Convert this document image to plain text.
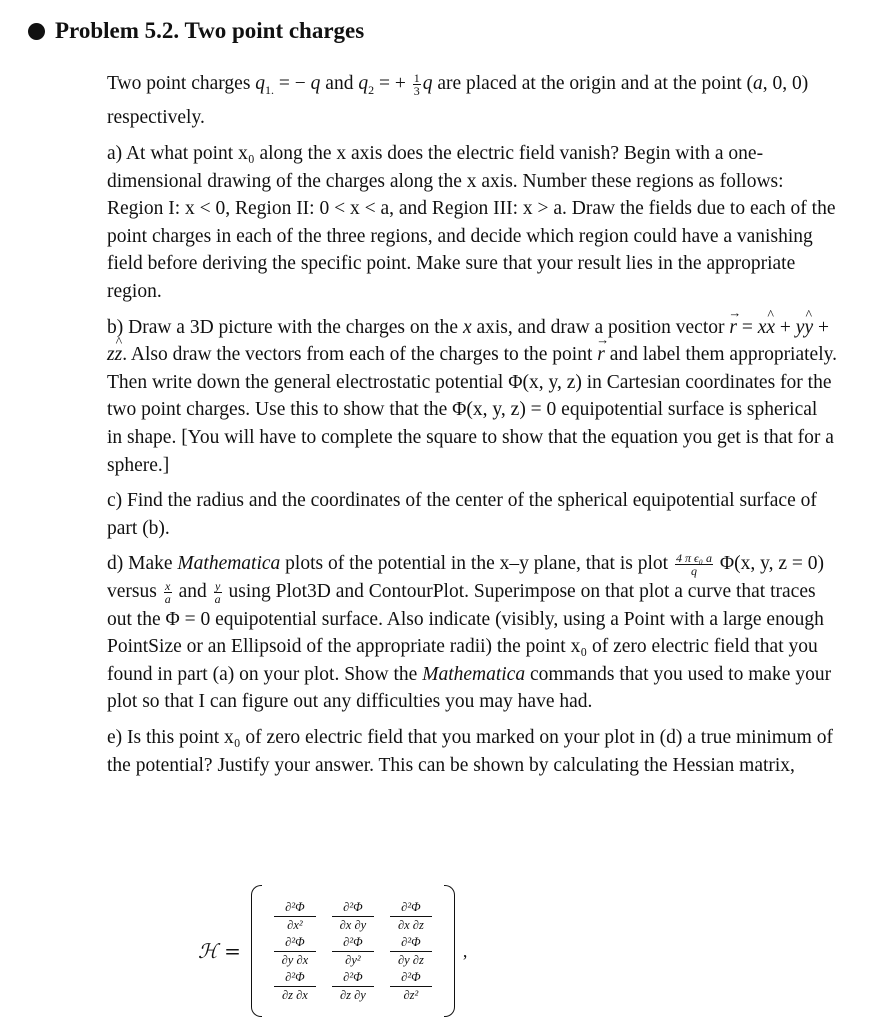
Problem 5.2. Two point charges

Two point charges $q_{1.}$ = − q and $q_2$ = + $\frac{1}{3}$ q are placed at the origin and at the point (a, 0, 0) respectively.

a) At what point x₀ along the x axis does the electric field vanish? Begin with a one-dimensional drawing of the charges along the x axis. Number these regions as follows: Region I: x < 0, Region II: 0 < x < a, and Region III: x > a. Draw the fields due to each of the point charges in each of the three regions, and decide which region could have a vanishing field before deriving the specific point. Make sure that your result lies in the appropriate region.

b) Draw a 3D picture with the charges on the x axis, and draw a position vector r → = xx ^ + yy ^ + zz ^. Also draw the vectors from each of the charges to the point r → and label them appropriately. Then write down the general electrostatic potential Φ(x, y, z) in Cartesian coordinates for the two point charges. Use this to show that the Φ(x, y, z) = 0 equipotential surface is spherical in shape. [You will have to complete the square to show that the equation you get is that for a sphere.]

c) Find the radius and the coordinates of the center of the spherical equipotential surface of part (b).

d) Make Mathematica plots of the potential in the x–y plane, that is plot $\frac{\text{4 π ϵ₀ a}}{q} \Phi(x$, y, z = 0) versus $\frac{x}{a}$ and $\frac{y}{a}$ using Plot3D and ContourPlot. Superimpose on that plot a curve that traces out the Φ = 0 equipotential surface. Also indicate (visibly, using a Point with a large enough PointSize or an Ellipsoid of the appropriate radii) the point x₀ of zero electric field that you found in part (a) on your plot. Show the Mathematica commands that you used to make your plot so that I can figure out any difficulties you may have had.

e) Is this point x₀ of zero electric field that you marked on your plot in (d) a true minimum of the potential? Justify your answer. This can be shown by calculating the Hessian matrix,

ℋ =
$\frac{\text{∂²Φ}}{\text{∂x²}} \frac{\text{∂²Φ}}{\partial x \partial y} \frac{\text{∂²Φ}}{\partial x \partial z}$
$\frac{\text{∂²Φ}}{\partial y \partial x} \frac{\text{∂²Φ}}{\text{∂y²}} \frac{\text{∂²Φ}}{\partial y \partial z}$
$\frac{\text{∂²Φ}}{\partial z \partial x} \frac{\text{∂²Φ}}{\partial z \partial y} \frac{\text{∂²Φ}}{\text{∂z²}}$
,
